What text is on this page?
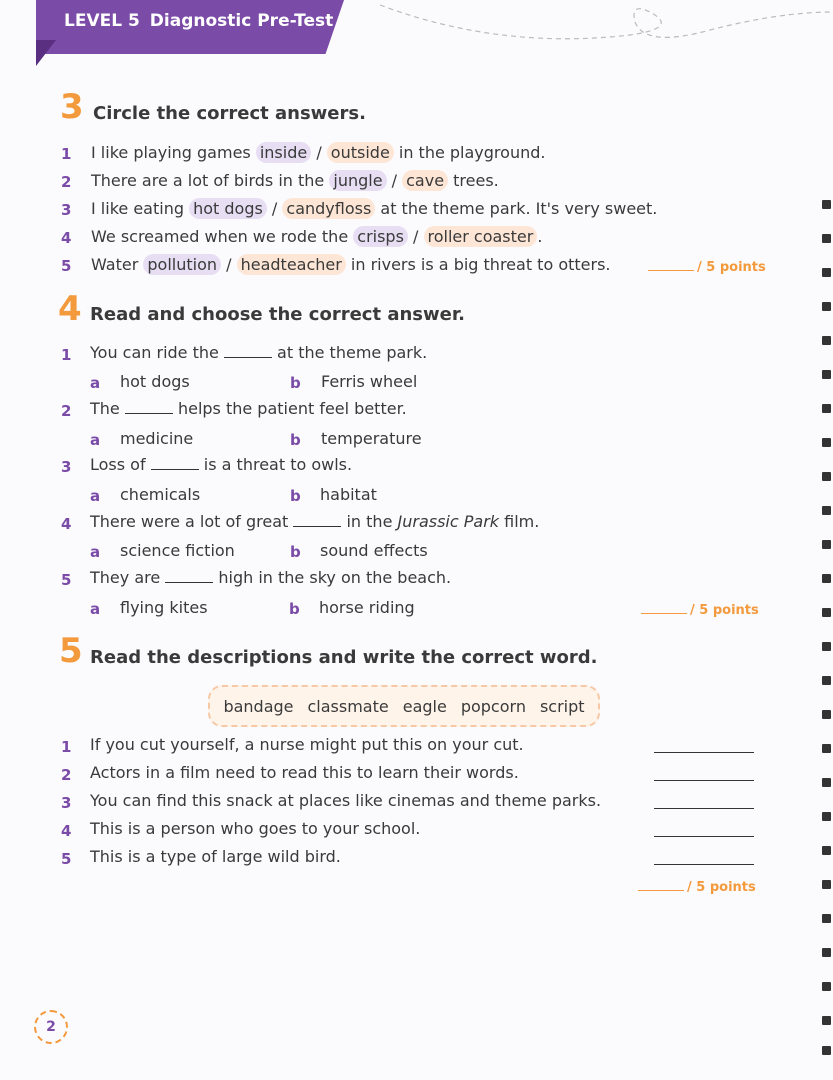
LEVEL 5 Diagnostic Pre-Test
3 Circle the correct answers.
1 I like playing games inside / outside in the playground.
2 There are a lot of birds in the jungle / cave trees.
3 I like eating hot dogs / candyfloss at the theme park. It's very sweet.
4 We screamed when we rode the crisps / roller coaster .
5 Water pollution / headteacher in rivers is a big threat to otters.	/ 5 points
4 Read and choose the correct answer.
1 You can ride the	at the theme park.
a hot dogs	b Ferris wheel
2 The	helps the patient feel better.
a medicine	b temperature
3 Loss of	is a threat to owls.
a chemicals	b habitat
4 There were a lot of great	in the Jurassic Park film.
a science fiction	b sound effects
5 They are	high in the sky on the beach.
a flying kites	b horse riding	/ 5 points
5 Read the descriptions and write the correct word.
bandage classmate eagle popcorn script
1 If you cut yourself, a nurse might put this on your cut.
2 Actors in a film need to read this to learn their words.
3 You can find this snack at places like cinemas and theme parks.
4 This is a person who goes to your school.
5 This is a type of large wild bird.
/ 5 points
2
